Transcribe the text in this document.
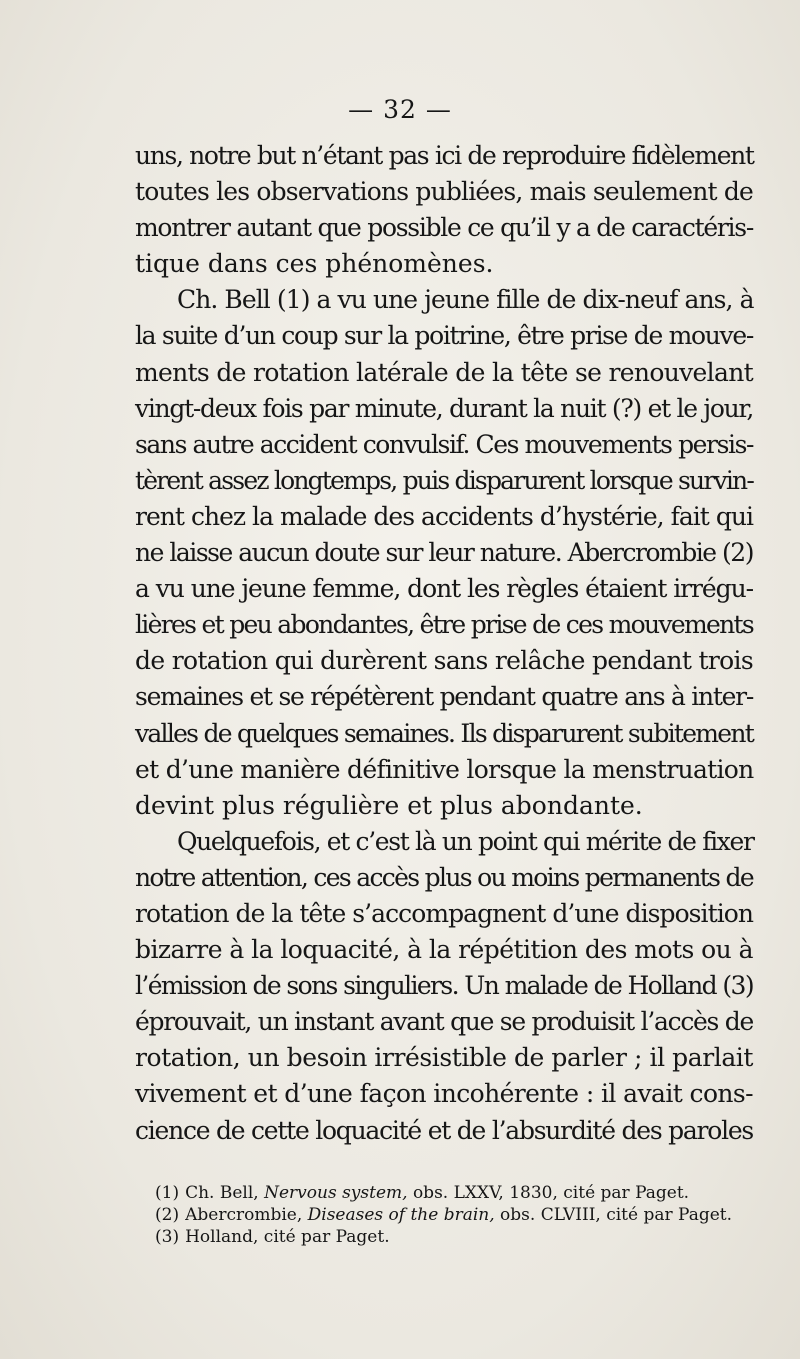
— 32 —
uns, notre but n’étant pas ici de reproduire fidèlement
toutes les observations publiées, mais seulement de
montrer autant que possible ce qu’il y a de caractéris-
tique dans ces phénomènes.
Ch. Bell (1) a vu une jeune fille de dix-neuf ans, à
la suite d’un coup sur la poitrine, être prise de mouve-
ments de rotation latérale de la tête se renouvelant
vingt-deux fois par minute, durant la nuit (?) et le jour,
sans autre accident convulsif. Ces mouvements persis-
tèrent assez longtemps, puis disparurent lorsque survin-
rent chez la malade des accidents d’hystérie, fait qui
ne laisse aucun doute sur leur nature. Abercrombie (2)
a vu une jeune femme, dont les règles étaient irrégu-
lières et peu abondantes, être prise de ces mouvements
de rotation qui durèrent sans relâche pendant trois
semaines et se répétèrent pendant quatre ans à inter-
valles de quelques semaines. Ils disparurent subitement
et d’une manière définitive lorsque la menstruation
devint plus régulière et plus abondante.
Quelquefois, et c’est là un point qui mérite de fixer
notre attention, ces accès plus ou moins permanents de
rotation de la tête s’accompagnent d’une disposition
bizarre à la loquacité, à la répétition des mots ou à
l’émission de sons singuliers. Un malade de Holland (3)
éprouvait, un instant avant que se produisit l’accès de
rotation, un besoin irrésistible de parler ; il parlait
vivement et d’une façon incohérente : il avait cons-
cience de cette loquacité et de l’absurdité des paroles
(1) Ch. Bell, Nervous system, obs. LXXV, 1830, cité par Paget.
(2) Abercrombie, Diseases of the brain, obs. CLVIII, cité par Paget.
(3) Holland, cité par Paget.
